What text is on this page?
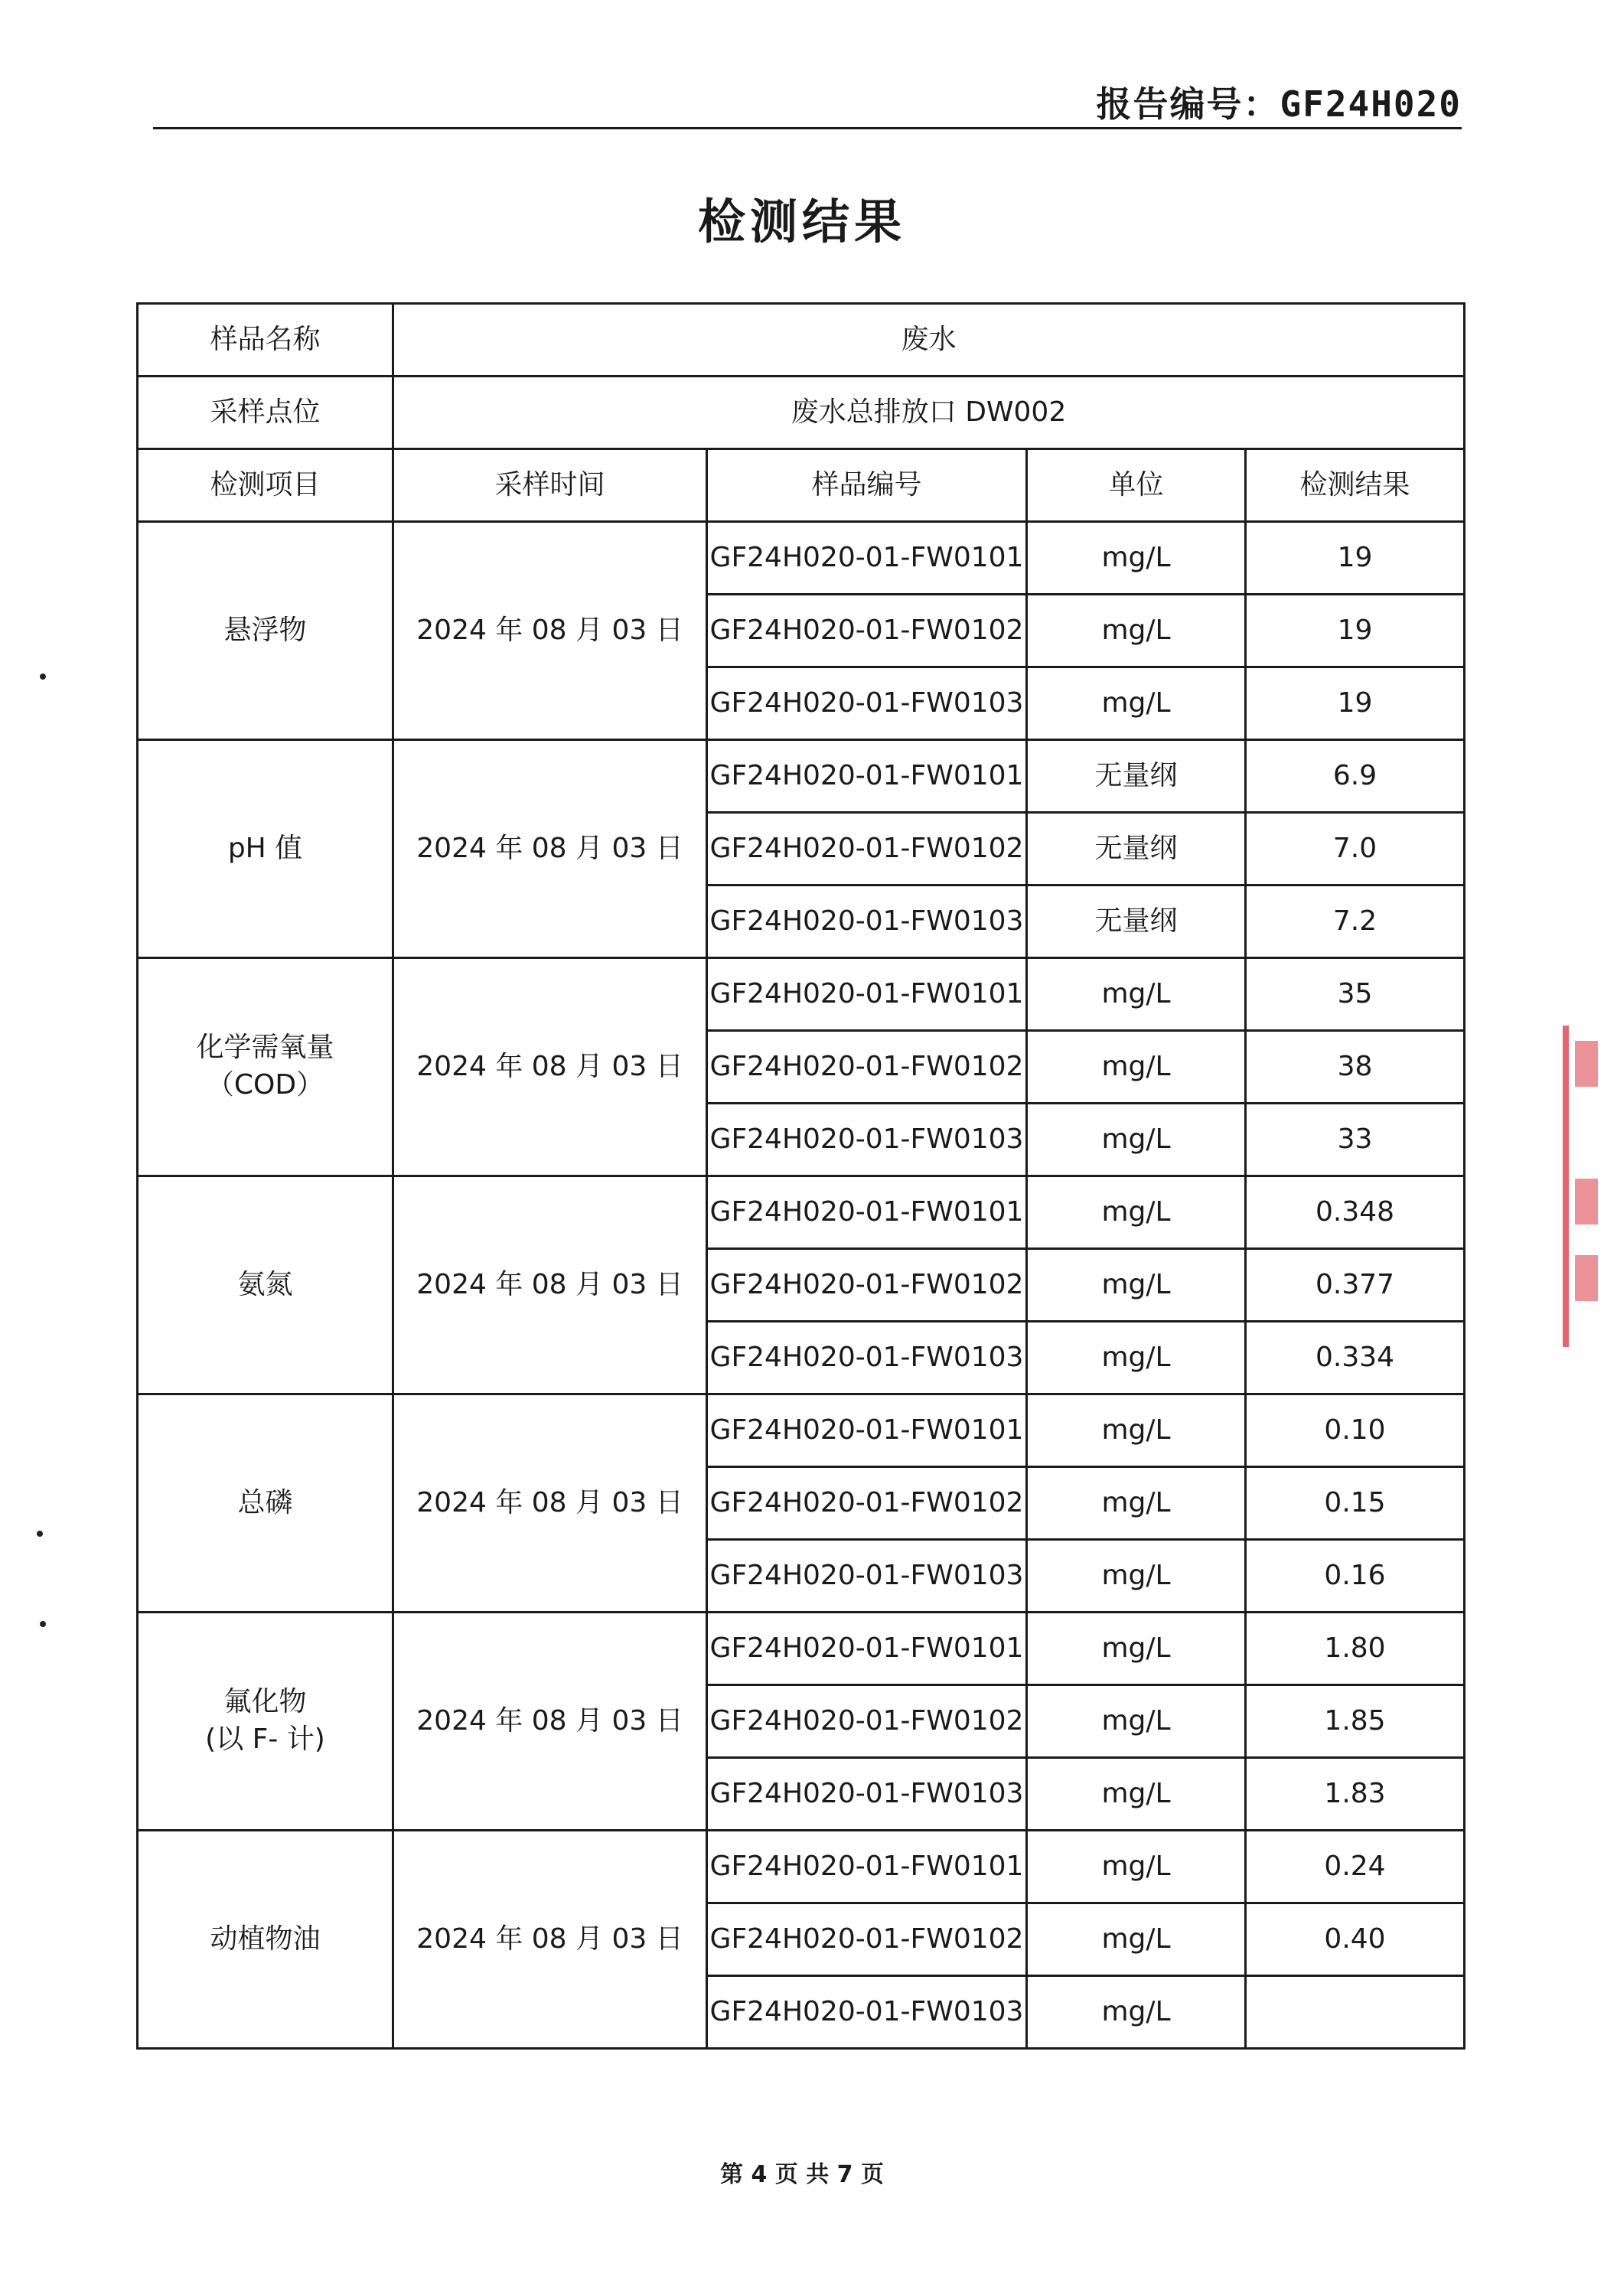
报告编号：GF24H020
检测结果
样品名称	废水			
采样点位	废水总排放口 DW002			
检测项目	采样时间	样品编号	单位	检测结果
悬浮物	2024 年 08 月 03 日	GF24H020-01-FW0101	mg/L	19
		GF24H020-01-FW0102	mg/L	19
		GF24H020-01-FW0103	mg/L	19
pH 值	2024 年 08 月 03 日	GF24H020-01-FW0101	无量纲	6.9
		GF24H020-01-FW0102	无量纲	7.0
		GF24H020-01-FW0103	无量纲	7.2
化学需氧量
（COD）	2024 年 08 月 03 日	GF24H020-01-FW0101	mg/L	35
		GF24H020-01-FW0102	mg/L	38
		GF24H020-01-FW0103	mg/L	33
氨氮	2024 年 08 月 03 日	GF24H020-01-FW0101	mg/L	0.348
		GF24H020-01-FW0102	mg/L	0.377
		GF24H020-01-FW0103	mg/L	0.334
总磷	2024 年 08 月 03 日	GF24H020-01-FW0101	mg/L	0.10
		GF24H020-01-FW0102	mg/L	0.15
		GF24H020-01-FW0103	mg/L	0.16
氟化物
(以 F- 计)	2024 年 08 月 03 日	GF24H020-01-FW0101	mg/L	1.80
		GF24H020-01-FW0102	mg/L	1.85
		GF24H020-01-FW0103	mg/L	1.83
动植物油	2024 年 08 月 03 日	GF24H020-01-FW0101	mg/L	0.24
		GF24H020-01-FW0102	mg/L	0.40
		GF24H020-01-FW0103	mg/L	
第 4 页 共 7 页
